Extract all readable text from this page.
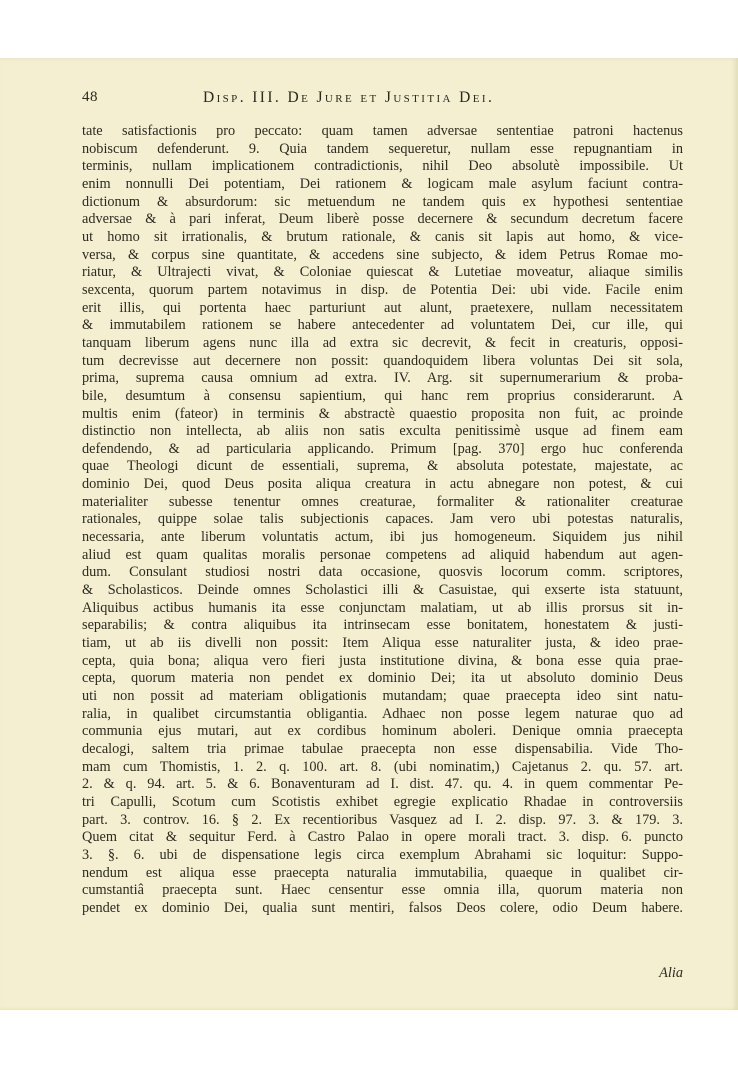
48	Disp. III. De Jure et Justitia Dei.
tate satisfactionis pro peccato: quam tamen adversae sententiae patroni hactenus
nobiscum defenderunt. 9. Quia tandem sequeretur, nullam esse repugnantiam in
terminis, nullam implicationem contradictionis, nihil Deo absolutè impossibile. Ut
enim nonnulli Dei potentiam, Dei rationem & logicam male asylum faciunt contra-
dictionum & absurdorum: sic metuendum ne tandem quis ex hypothesi sententiae
adversae & à pari inferat, Deum liberè posse decernere & secundum decretum facere
ut homo sit irrationalis, & brutum rationale, & canis sit lapis aut homo, & vice-
versa, & corpus sine quantitate, & accedens sine subjecto, & idem Petrus Romae mo-
riatur, & Ultrajecti vivat, & Coloniae quiescat & Lutetiae moveatur, aliaque similis
sexcenta, quorum partem notavimus in disp. de Potentia Dei: ubi vide. Facile enim
erit illis, qui portenta haec parturiunt aut alunt, praetexere, nullam necessitatem
& immutabilem rationem se habere antecedenter ad voluntatem Dei, cur ille, qui
tanquam liberum agens nunc illa ad extra sic decrevit, & fecit in creaturis, opposi-
tum decrevisse aut decernere non possit: quandoquidem libera voluntas Dei sit sola,
prima, suprema causa omnium ad extra. IV. Arg. sit supernumerarium & proba-
bile, desumtum à consensu sapientium, qui hanc rem proprius considerarunt. A
multis enim (fateor) in terminis & abstractè quaestio proposita non fuit, ac proinde
distinctio non intellecta, ab aliis non satis exculta penitissimè usque ad finem eam
defendendo, & ad particularia applicando. Primum [pag. 370] ergo huc conferenda
quae Theologi dicunt de essentiali, suprema, & absoluta potestate, majestate, ac
dominio Dei, quod Deus posita aliqua creatura in actu abnegare non potest, & cui
materialiter subesse tenentur omnes creaturae, formaliter & rationaliter creaturae
rationales, quippe solae talis subjectionis capaces. Jam vero ubi potestas naturalis,
necessaria, ante liberum voluntatis actum, ibi jus homogeneum. Siquidem jus nihil
aliud est quam qualitas moralis personae competens ad aliquid habendum aut agen-
dum. Consulant studiosi nostri data occasione, quosvis locorum comm. scriptores,
& Scholasticos. Deinde omnes Scholastici illi & Casuistae, qui exserte ista statuunt,
Aliquibus actibus humanis ita esse conjunctam malatiam, ut ab illis prorsus sit in-
separabilis; & contra aliquibus ita intrinsecam esse bonitatem, honestatem & justi-
tiam, ut ab iis divelli non possit: Item Aliqua esse naturaliter justa, & ideo prae-
cepta, quia bona; aliqua vero fieri justa institutione divina, & bona esse quia prae-
cepta, quorum materia non pendet ex dominio Dei; ita ut absoluto dominio Deus
uti non possit ad materiam obligationis mutandam; quae praecepta ideo sint natu-
ralia, in qualibet circumstantia obligantia. Adhaec non posse legem naturae quo ad
communia ejus mutari, aut ex cordibus hominum aboleri. Denique omnia praecepta
decalogi, saltem tria primae tabulae praecepta non esse dispensabilia. Vide Tho-
mam cum Thomistis, 1. 2. q. 100. art. 8. (ubi nominatim,) Cajetanus 2. qu. 57. art.
2. & q. 94. art. 5. & 6. Bonaventuram ad I. dist. 47. qu. 4. in quem commentar Pe-
tri Capulli, Scotum cum Scotistis exhibet egregie explicatio Rhadae in controversiis
part. 3. controv. 16. § 2. Ex recentioribus Vasquez ad I. 2. disp. 97. 3. & 179. 3.
Quem citat & sequitur Ferd. à Castro Palao in opere morali tract. 3. disp. 6. puncto
3. §. 6. ubi de dispensatione legis circa exemplum Abrahami sic loquitur: Suppo-
nendum est aliqua esse praecepta naturalia immutabilia, quaeque in qualibet cir-
cumstantiâ praecepta sunt. Haec censentur esse omnia illa, quorum materia non
pendet ex dominio Dei, qualia sunt mentiri, falsos Deos colere, odio Deum habere.
Alia
